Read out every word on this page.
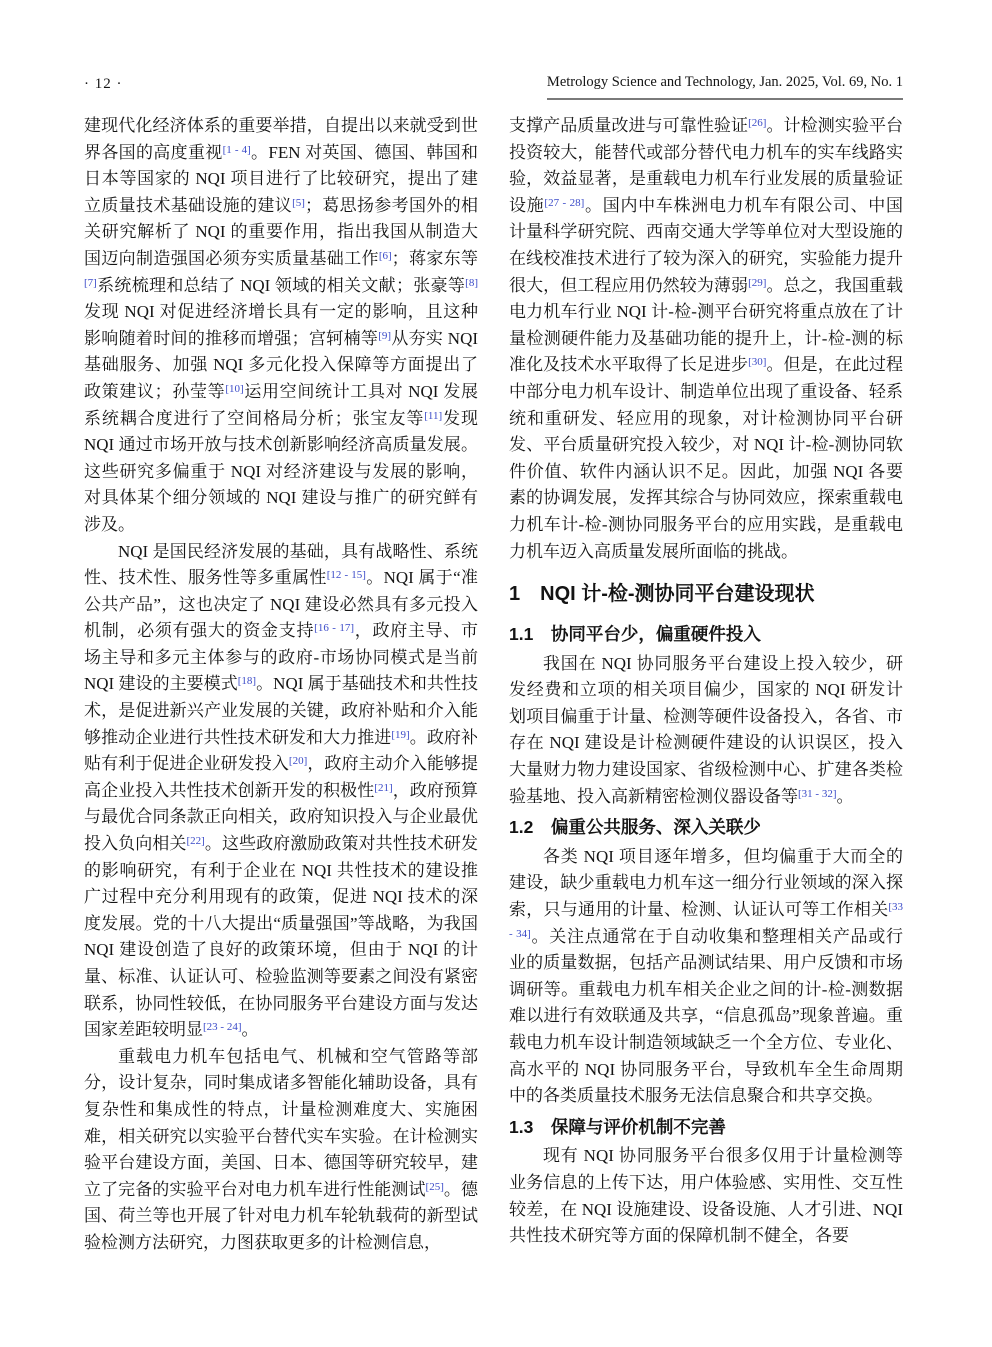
· 12 ·	Metrology Science and Technology, Jan. 2025, Vol. 69, No. 1

建现代化经济体系的重要举措，自提出以来就受到世界各国的高度重视[1 - 4]。FEN 对英国、德国、韩国和日本等国家的 NQI 项目进行了比较研究，提出了建立质量技术基础设施的建议[5]；葛思扬参考国外的相关研究解析了 NQI 的重要作用，指出我国从制造大国迈向制造强国必须夯实质量基础工作[6]；蒋家东等[7]系统梳理和总结了 NQI 领域的相关文献；张豪等[8]发现 NQI 对促进经济增长具有一定的影响，且这种影响随着时间的推移而增强；宫轲楠等[9]从夯实 NQI 基础服务、加强 NQI 多元化投入保障等方面提出了政策建议；孙莹等[10]运用空间统计工具对 NQI 发展系统耦合度进行了空间格局分析；张宝友等[11]发现 NQI 通过市场开放与技术创新影响经济高质量发展。这些研究多偏重于 NQI 对经济建设与发展的影响，对具体某个细分领域的 NQI 建设与推广的研究鲜有涉及。

NQI 是国民经济发展的基础，具有战略性、系统性、技术性、服务性等多重属性[12 - 15]。NQI 属于“准公共产品”，这也决定了 NQI 建设必然具有多元投入机制，必须有强大的资金支持[16 - 17]，政府主导、市场主导和多元主体参与的政府-市场协同模式是当前 NQI 建设的主要模式[18]。NQI 属于基础技术和共性技术，是促进新兴产业发展的关键，政府补贴和介入能够推动企业进行共性技术研发和大力推进[19]。政府补贴有利于促进企业研发投入[20]，政府主动介入能够提高企业投入共性技术创新开发的积极性[21]，政府预算与最优合同条款正向相关，政府知识投入与企业最优投入负向相关[22]。这些政府激励政策对共性技术研发的影响研究，有利于企业在 NQI 共性技术的建设推广过程中充分利用现有的政策，促进 NQI 技术的深度发展。党的十八大提出“质量强国”等战略，为我国 NQI 建设创造了良好的政策环境，但由于 NQI 的计量、标准、认证认可、检验监测等要素之间没有紧密联系，协同性较低，在协同服务平台建设方面与发达国家差距较明显[23 - 24]。

重载电力机车包括电气、机械和空气管路等部分，设计复杂，同时集成诸多智能化辅助设备，具有复杂性和集成性的特点，计量检测难度大、实施困难，相关研究以实验平台替代实车实验。在计检测实验平台建设方面，美国、日本、德国等研究较早，建立了完备的实验平台对电力机车进行性能测试[25]。德国、荷兰等也开展了针对电力机车轮轨载荷的新型试验检测方法研究，力图获取更多的计检测信息，

支撑产品质量改进与可靠性验证[26]。计检测实验平台投资较大，能替代或部分替代电力机车的实车线路实验，效益显著，是重载电力机车行业发展的质量验证设施[27 - 28]。国内中车株洲电力机车有限公司、中国计量科学研究院、西南交通大学等单位对大型设施的在线校准技术进行了较为深入的研究，实验能力提升很大，但工程应用仍然较为薄弱[29]。总之，我国重载电力机车行业 NQI 计-检-测平台研究将重点放在了计量检测硬件能力及基础功能的提升上，计-检-测的标准化及技术水平取得了长足进步[30]。但是，在此过程中部分电力机车设计、制造单位出现了重设备、轻系统和重研发、轻应用的现象，对计检测协同平台研发、平台质量研究投入较少，对 NQI 计-检-测协同软件价值、软件内涵认识不足。因此，加强 NQI 各要素的协调发展，发挥其综合与协同效应，探索重载电力机车计-检-测协同服务平台的应用实践，是重载电力机车迈入高质量发展所面临的挑战。

1　NQI 计-检-测协同平台建设现状
1.1　协同平台少，偏重硬件投入

我国在 NQI 协同服务平台建设上投入较少，研发经费和立项的相关项目偏少，国家的 NQI 研发计划项目偏重于计量、检测等硬件设备投入，各省、市存在 NQI 建设是计检测硬件建设的认识误区，投入大量财力物力建设国家、省级检测中心、扩建各类检验基地、投入高新精密检测仪器设备等[31 - 32]。

1.2　偏重公共服务、深入关联少

各类 NQI 项目逐年增多，但均偏重于大而全的建设，缺少重载电力机车这一细分行业领域的深入探索，只与通用的计量、检测、认证认可等工作相关[33 - 34]。关注点通常在于自动收集和整理相关产品或行业的质量数据，包括产品测试结果、用户反馈和市场调研等。重载电力机车相关企业之间的计-检-测数据难以进行有效联通及共享，“信息孤岛”现象普遍。重载电力机车设计制造领域缺乏一个全方位、专业化、高水平的 NQI 协同服务平台，导致机车全生命周期中的各类质量技术服务无法信息聚合和共享交换。

1.3　保障与评价机制不完善

现有 NQI 协同服务平台很多仅用于计量检测等业务信息的上传下达，用户体验感、实用性、交互性较差，在 NQI 设施建设、设备设施、人才引进、NQI 共性技术研究等方面的保障机制不健全，各要
